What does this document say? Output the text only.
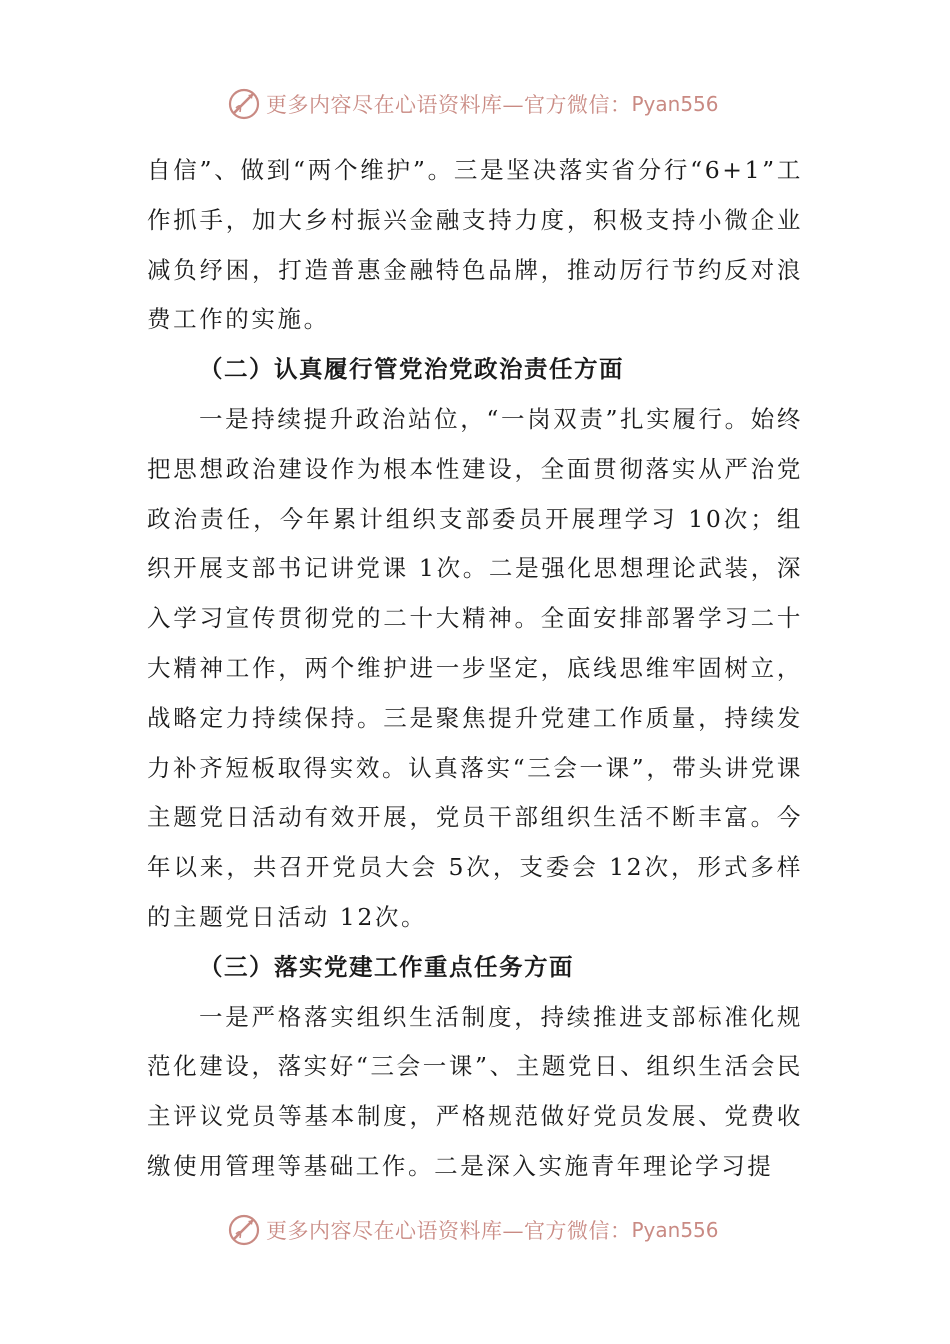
更多内容尽在心语资料库—官方微信： Pyan556

自信”、做到“两个维护”。三是坚决落实省分行“6+1”工作抓手，加大乡村振兴金融支持力度，积极支持小微企业减负纾困，打造普惠金融特色品牌，推动厉行节约反对浪费工作的实施。

（二）认真履行管党治党政治责任方面

一是持续提升政治站位，“一岗双责”扎实履行。始终把思想政治建设作为根本性建设，全面贯彻落实从严治党政治责任，今年累计组织支部委员开展理学习 10次；组织开展支部书记讲党课 1次。二是强化思想理论武装，深入学习宣传贯彻党的二十大精神。全面安排部署学习二十大精神工作，两个维护进一步坚定，底线思维牢固树立，战略定力持续保持。三是聚焦提升党建工作质量，持续发力补齐短板取得实效。认真落实“三会一课”，带头讲党课主题党日活动有效开展，党员干部组织生活不断丰富。今年以来，共召开党员大会 5次，支委会 12次，形式多样的主题党日活动 12次。

（三）落实党建工作重点任务方面

一是严格落实组织生活制度，持续推进支部标准化规范化建设，落实好“三会一课”、主题党日、组织生活会民主评议党员等基本制度，严格规范做好党员发展、党费收缴使用管理等基础工作。二是深入实施青年理论学习提

更多内容尽在心语资料库—官方微信： Pyan556
